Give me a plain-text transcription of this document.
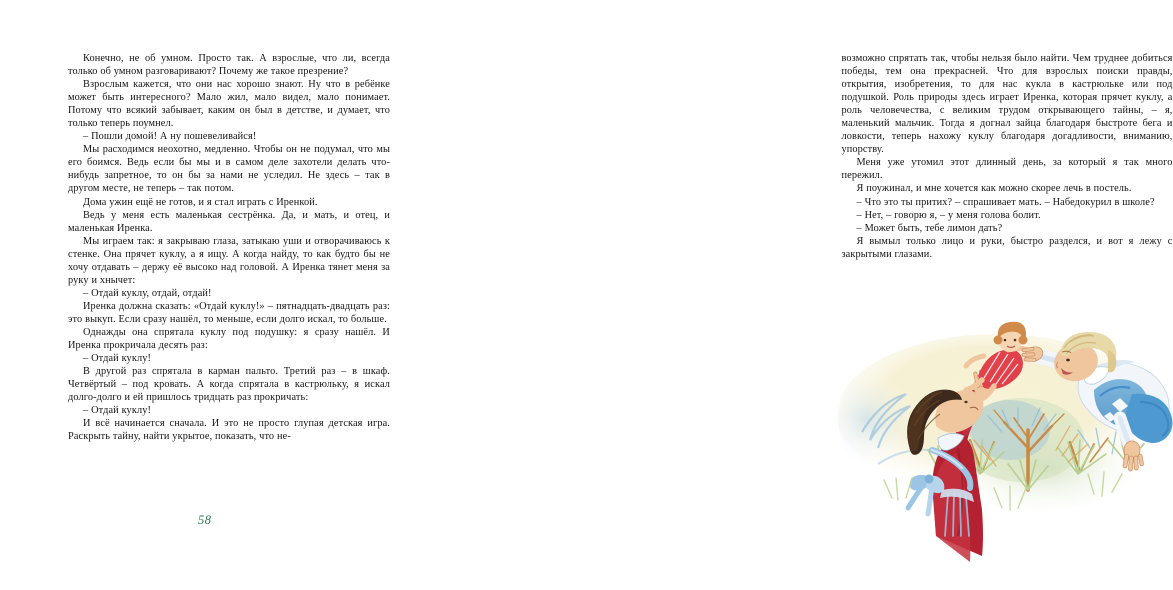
Конечно, не об умном. Просто так. А взрослые, что ли, всегда только об умном разговаривают? Почему же такое презрение?

Взрослым кажется, что они нас хорошо знают. Ну что в ребёнке может быть интересного? Мало жил, мало видел, мало понимает. Потому что всякий забывает, каким он был в детстве, и думает, что только теперь поумнел.

– Пошли домой! А ну пошевеливайся!

Мы расходимся неохотно, медленно. Чтобы он не подумал, что мы его боимся. Ведь если бы мы и в самом деле захотели делать что-нибудь запретное, то он бы за нами не уследил. Не здесь – так в другом месте, не теперь – так потом.

Дома ужин ещё не готов, и я стал играть с Иренкой.

Ведь у меня есть маленькая сестрёнка. Да, и мать, и отец, и маленькая Иренка.

Мы играем так: я закрываю глаза, затыкаю уши и отворачиваюсь к стенке. Она прячет куклу, а я ищу. А когда найду, то как будто бы не хочу отдавать – держу её высоко над головой. А Иренка тянет меня за руку и хнычет:

– Отдай куклу, отдай, отдай!

Иренка должна сказать: «Отдай куклу!» – пятнадцать-двадцать раз: это выкуп. Если сразу нашёл, то меньше, если долго искал, то больше.

Однажды она спрятала куклу под подушку: я сразу нашёл. И Иренка прокричала десять раз:

– Отдай куклу!

В другой раз спрятала в карман пальто. Третий раз – в шкаф. Четвёртый – под кровать. А когда спрятала в кастрюльку, я искал долго-долго и ей пришлось тридцать раз прокричать:

– Отдай куклу!

И всё начинается сначала. И это не просто глупая детская игра. Раскрыть тайну, найти укрытое, показать, что не-

58

возможно спрятать так, чтобы нельзя было найти. Чем труднее добиться победы, тем она прекрасней. Что для взрослых поиски правды, открытия, изобретения, то для нас кукла в кастрюльке или под подушкой. Роль природы здесь играет Иренка, которая прячет куклу, а роль человечества, с великим трудом открывающего тайны, – я, маленький мальчик. Тогда я догнал зайца благодаря быстроте бега и ловкости, теперь нахожу куклу благодаря догадливости, вниманию, упорству.

Меня уже утомил этот длинный день, за который я так много пережил.

Я поужинал, и мне хочется как можно скорее лечь в постель.

– Что это ты притих? – спрашивает мать. – Набедокурил в школе?

– Нет, – говорю я, – у меня голова болит.

– Может быть, тебе лимон дать?

Я вымыл только лицо и руки, быстро разделся, и вот я лежу с закрытыми глазами.
